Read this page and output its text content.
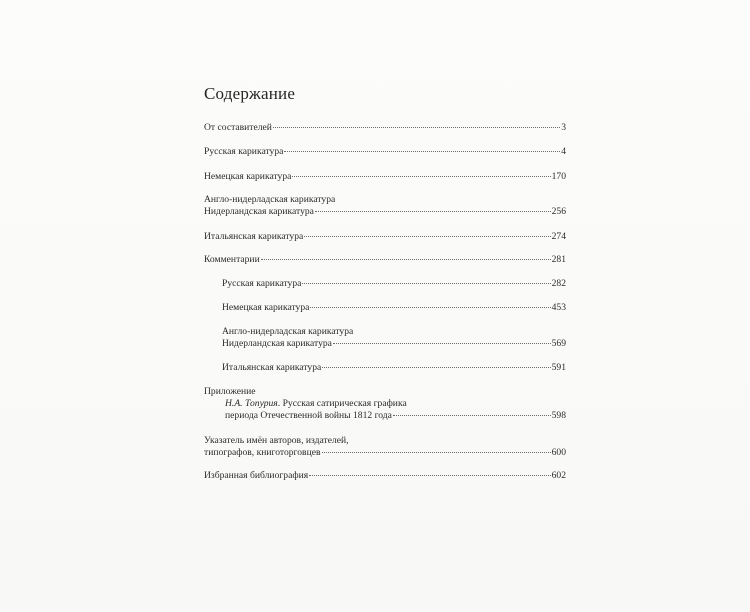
Содержание
От составителей	3
Русская карикатура	4
Немецкая карикатура	170
Англо-нидерладская карикатура
Нидерландская карикатура	256
Итальянская карикатура	274
Комментарии	281
Русская карикатура	282
Немецкая карикатура	453
Англо-нидерладская карикатура
Нидерландская карикатура	569
Итальянская карикатура	591
Приложение
Н.А. Топурия. Русская сатирическая графика
периода Отечественной войны 1812 года	598
Указатель имён авторов, издателей,
типографов, книготорговцев	600
Избранная библиография	602
